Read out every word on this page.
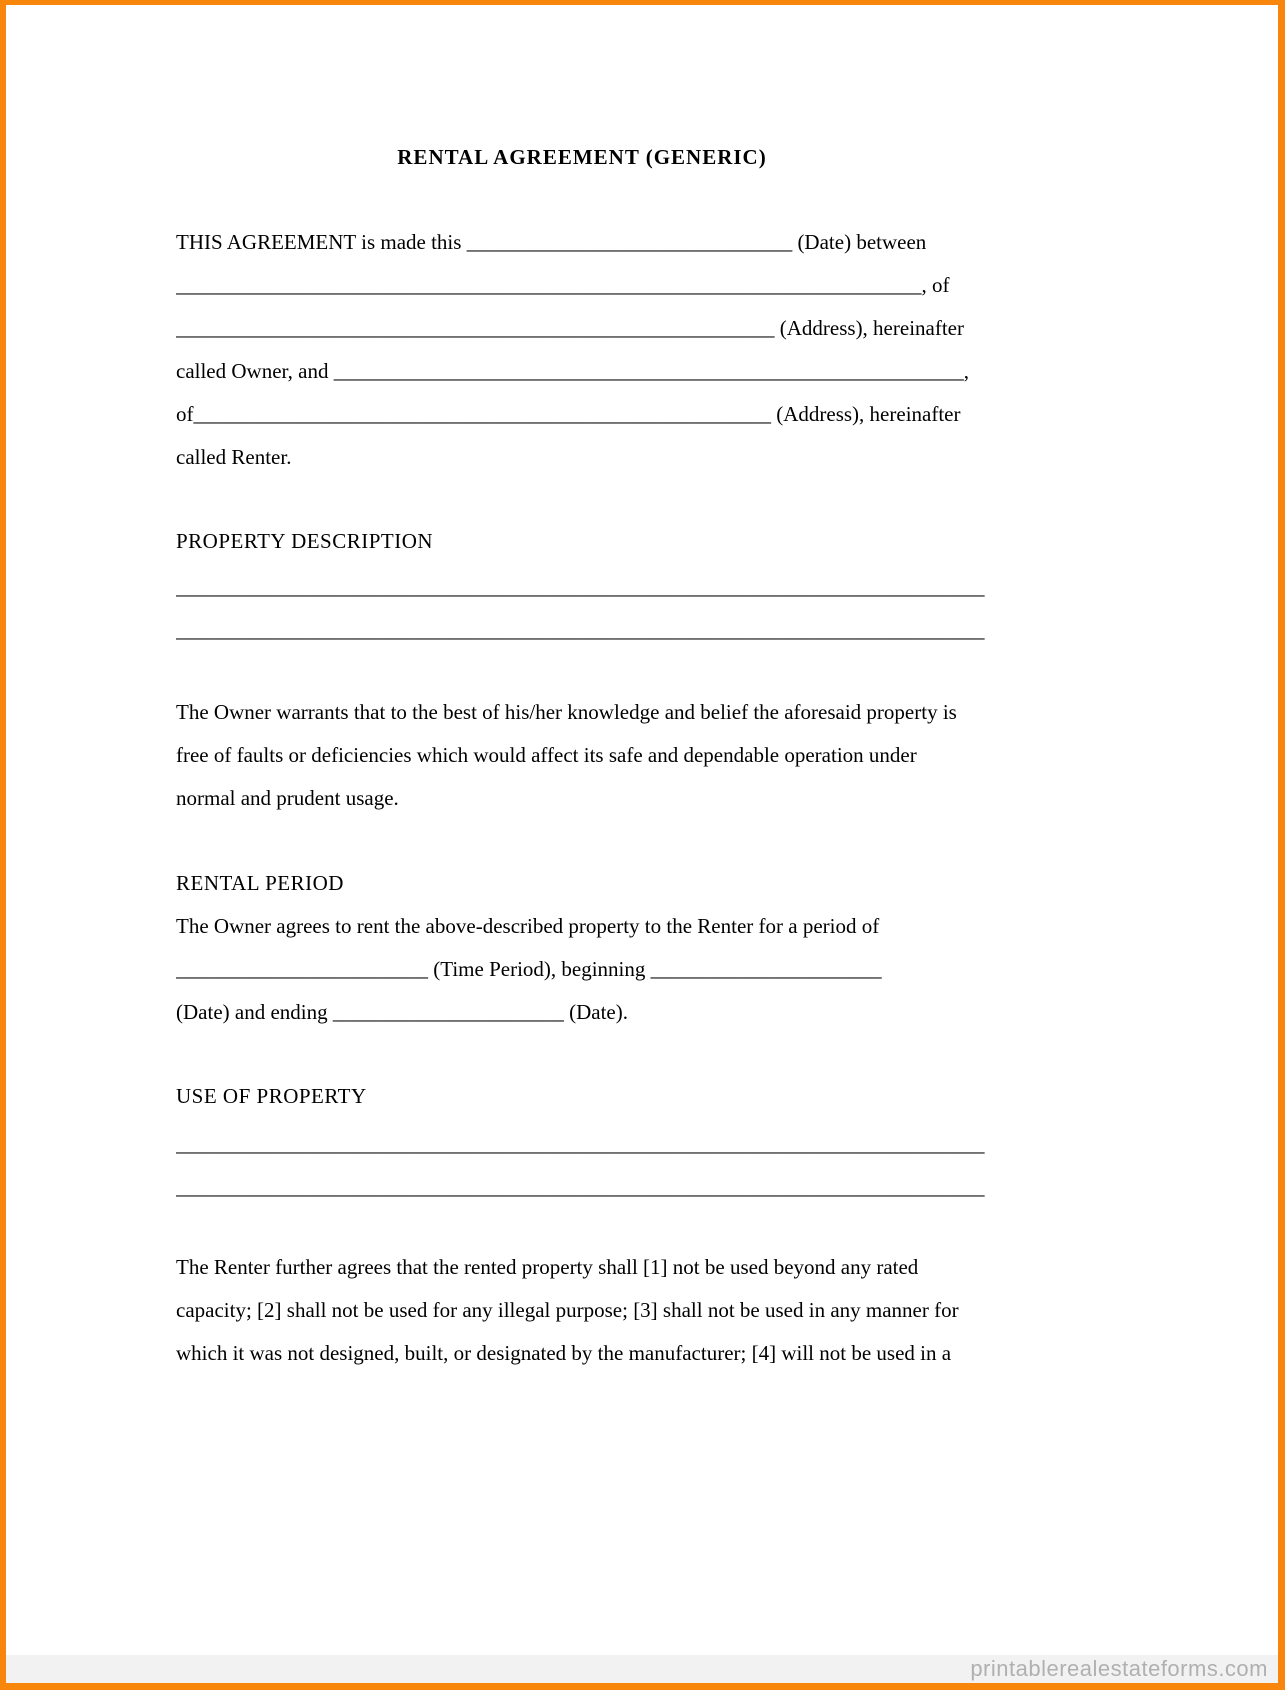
RENTAL AGREEMENT (GENERIC)
THIS AGREEMENT is made this _______________________________ (Date) between
_______________________________________________________________________, of
_________________________________________________________ (Address), hereinafter
called Owner, and ____________________________________________________________,
of_______________________________________________________ (Address), hereinafter
called Renter.
PROPERTY DESCRIPTION
_____________________________________________________________________________
_____________________________________________________________________________
The Owner warrants that to the best of his/her knowledge and belief the aforesaid property is
free of faults or deficiencies which would affect its safe and dependable operation under
normal and prudent usage.
RENTAL PERIOD
The Owner agrees to rent the above-described property to the Renter for a period of
________________________ (Time Period), beginning ______________________
(Date) and ending ______________________ (Date).
USE OF PROPERTY
_____________________________________________________________________________
_____________________________________________________________________________
The Renter further agrees that the rented property shall [1] not be used beyond any rated
capacity; [2] shall not be used for any illegal purpose; [3] shall not be used in any manner for
which it was not designed, built, or designated by the manufacturer; [4] will not be used in a
printablerealestateforms.com
